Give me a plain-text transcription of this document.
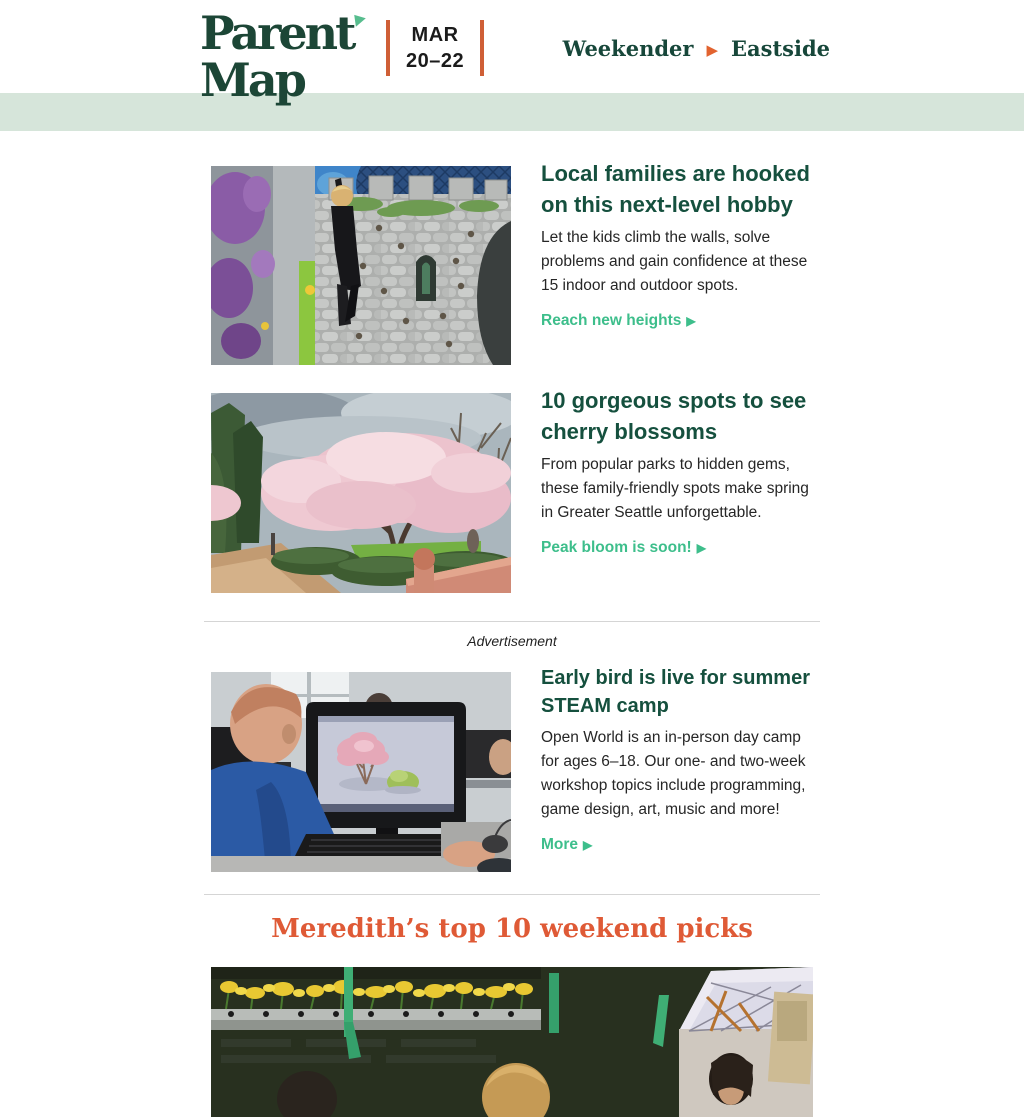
Parent
Map
MAR
20–22	Weekender ▶ Eastside
Local families are hooked on this next-level hobby

Let the kids climb the walls, solve problems and gain confidence at these 15 indoor and outdoor spots.

Reach new heights ▶
10 gorgeous spots to see cherry blossoms

From popular parks to hidden gems, these family-friendly spots make spring in Greater Seattle unforgettable.

Peak bloom is soon! ▶
Advertisement
Early bird is live for summer STEAM camp

Open World is an in-person day camp for ages 6–18. Our one- and two-week workshop topics include programming, game design, art, music and more!

More ▶
Meredith’s top 10 weekend picks
